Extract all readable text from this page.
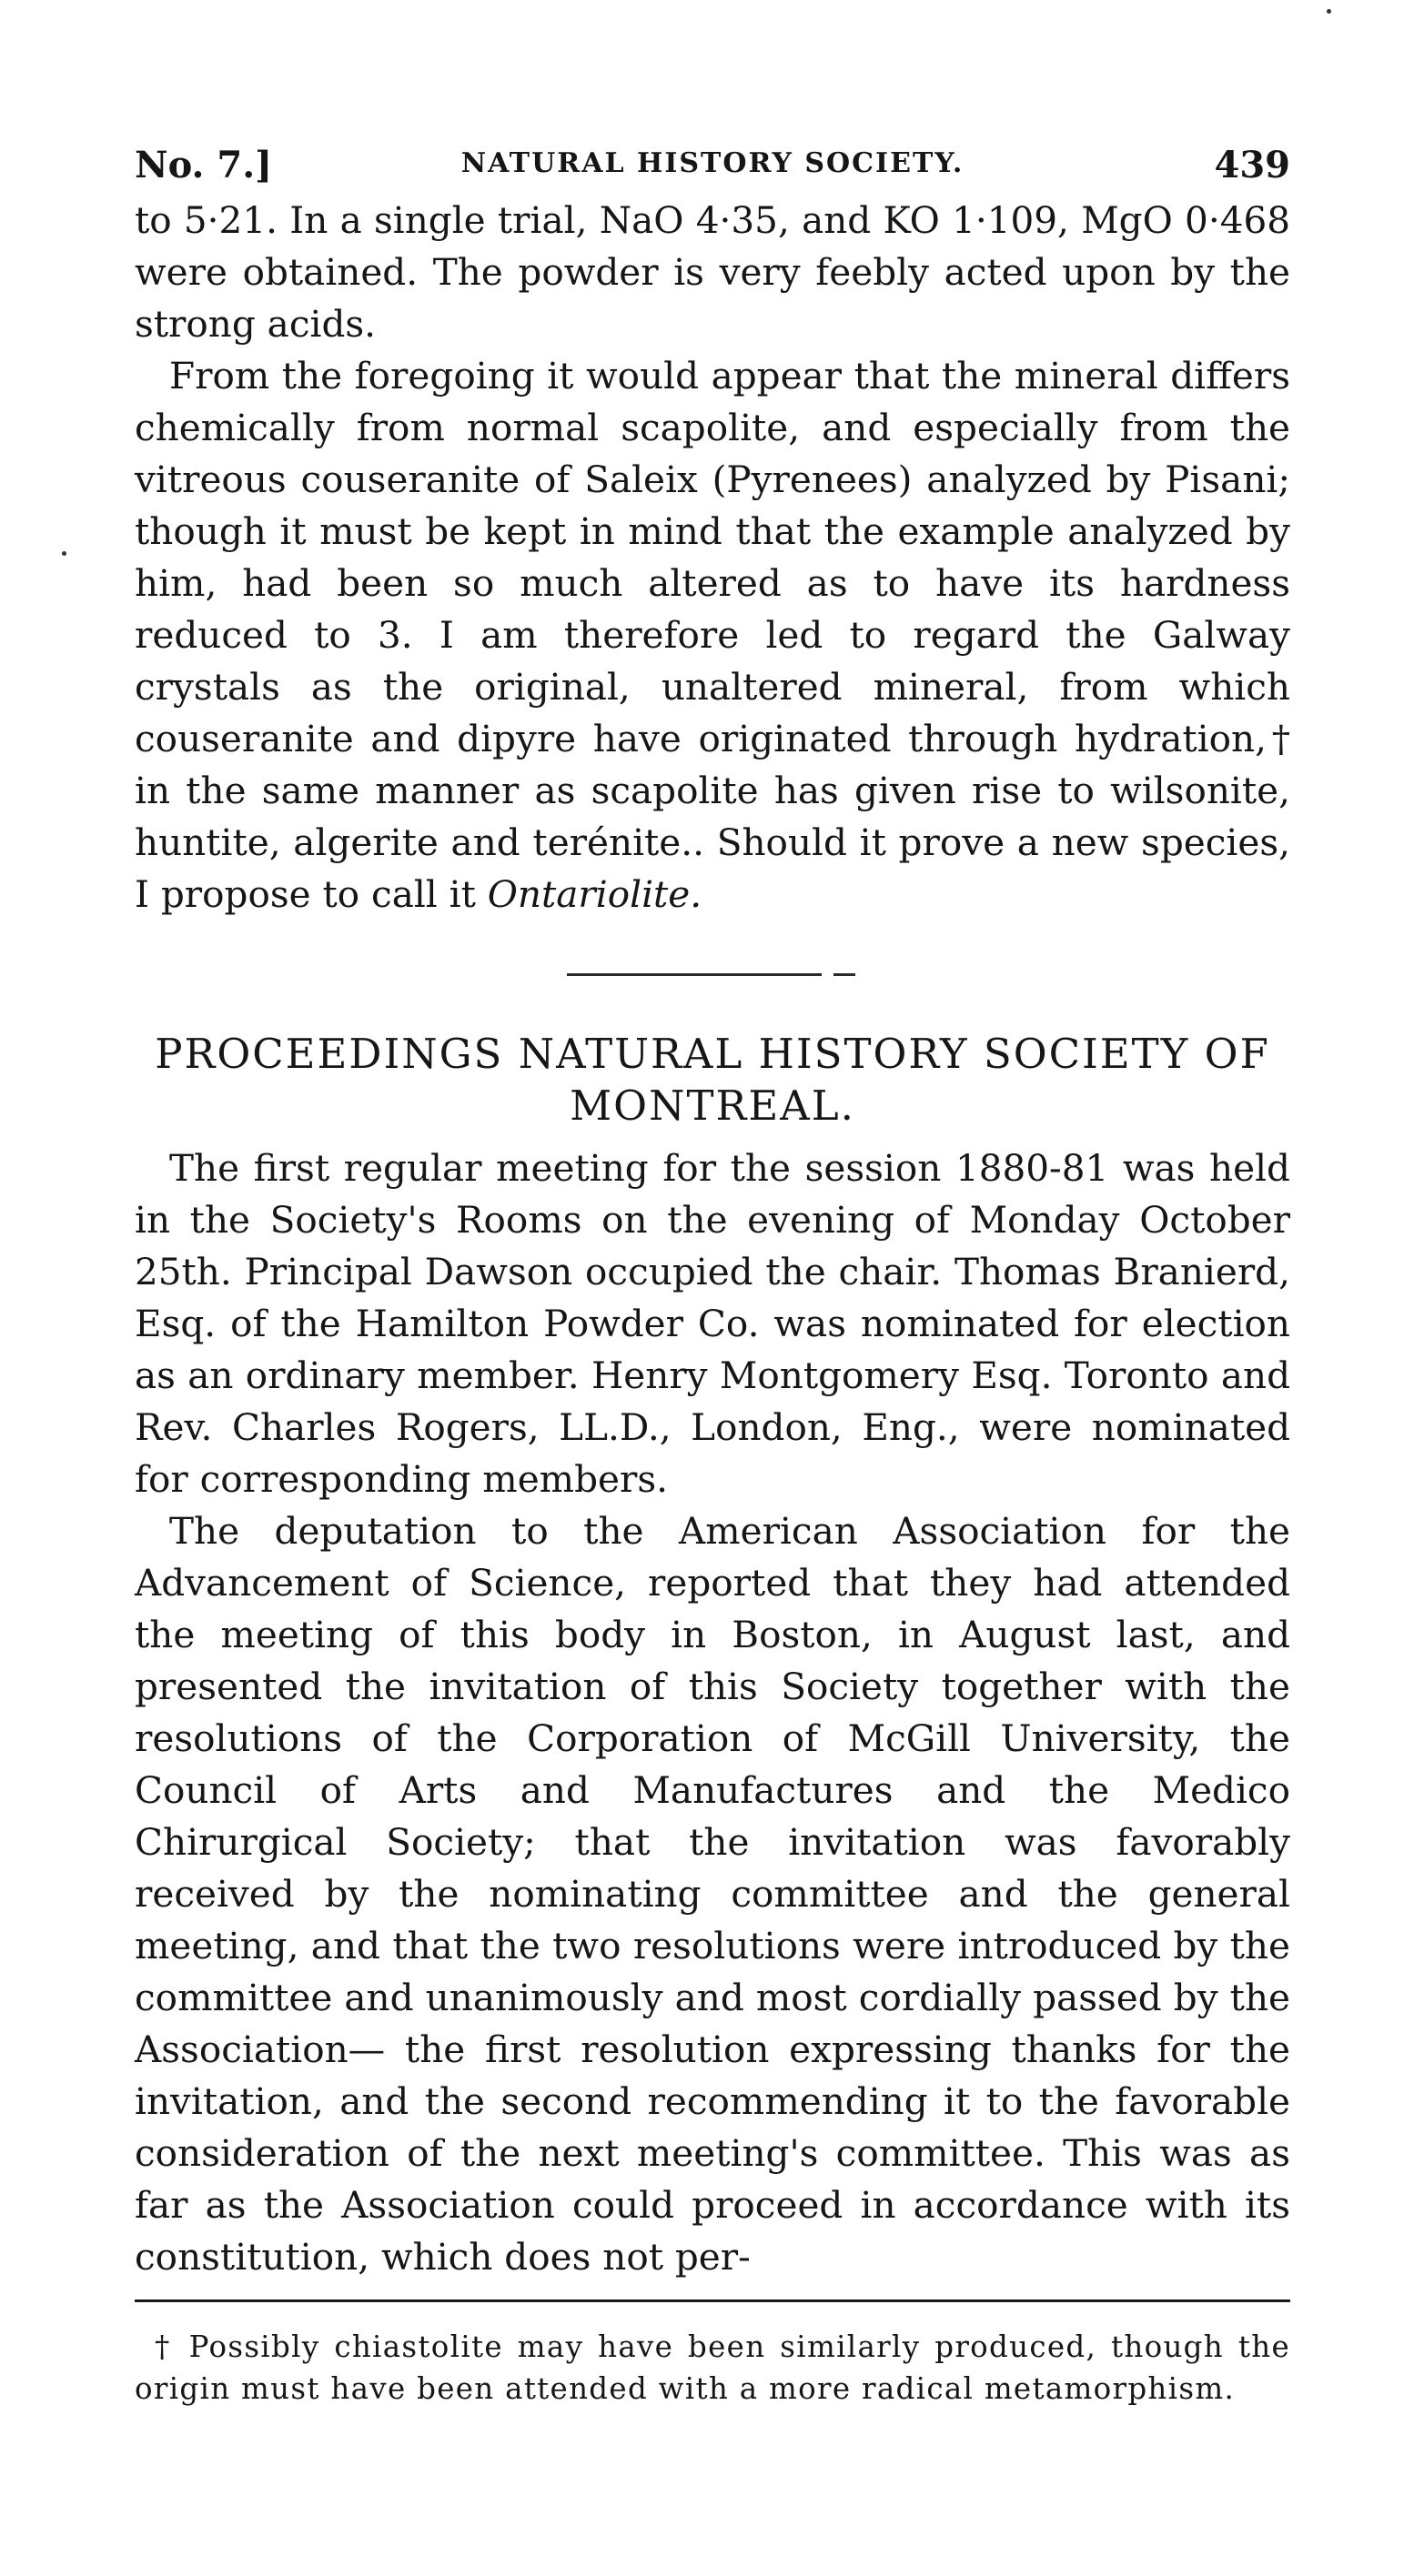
No. 7.]	NATURAL HISTORY SOCIETY.	439

to 5·21. In a single trial, NaO 4·35, and KO 1·109, MgO 0·468 were obtained. The powder is very feebly acted upon by the strong acids.

From the foregoing it would appear that the mineral differs chemically from normal scapolite, and especially from the vitreous couseranite of Saleix (Pyrenees) analyzed by Pisani; though it must be kept in mind that the example analyzed by him, had been so much altered as to have its hardness reduced to 3. I am therefore led to regard the Galway crystals as the original, unaltered mineral, from which couseranite and dipyre have originated through hydration,† in the same manner as scapolite has given rise to wilsonite, huntite, algerite and terénite.. Should it prove a new species, I propose to call it Ontariolite.

PROCEEDINGS NATURAL HISTORY SOCIETY OF
MONTREAL.

The first regular meeting for the session 1880-81 was held in the Society's Rooms on the evening of Monday October 25th. Principal Dawson occupied the chair. Thomas Branierd, Esq. of the Hamilton Powder Co. was nominated for election as an ordinary member. Henry Montgomery Esq. Toronto and Rev. Charles Rogers, LL.D., London, Eng., were nominated for corresponding members.

The deputation to the American Association for the Advancement of Science, reported that they had attended the meeting of this body in Boston, in August last, and presented the invitation of this Society together with the resolutions of the Corporation of McGill University, the Council of Arts and Manufactures and the Medico Chirurgical Society; that the invitation was favorably received by the nominating committee and the general meeting, and that the two resolutions were introduced by the committee and unanimously and most cordially passed by the Association— the first resolution expressing thanks for the invitation, and the second recommending it to the favorable consideration of the next meeting's committee. This was as far as the Association could proceed in accordance with its constitution, which does not per-

† Possibly chiastolite may have been similarly produced, though the origin must have been attended with a more radical metamorphism.
